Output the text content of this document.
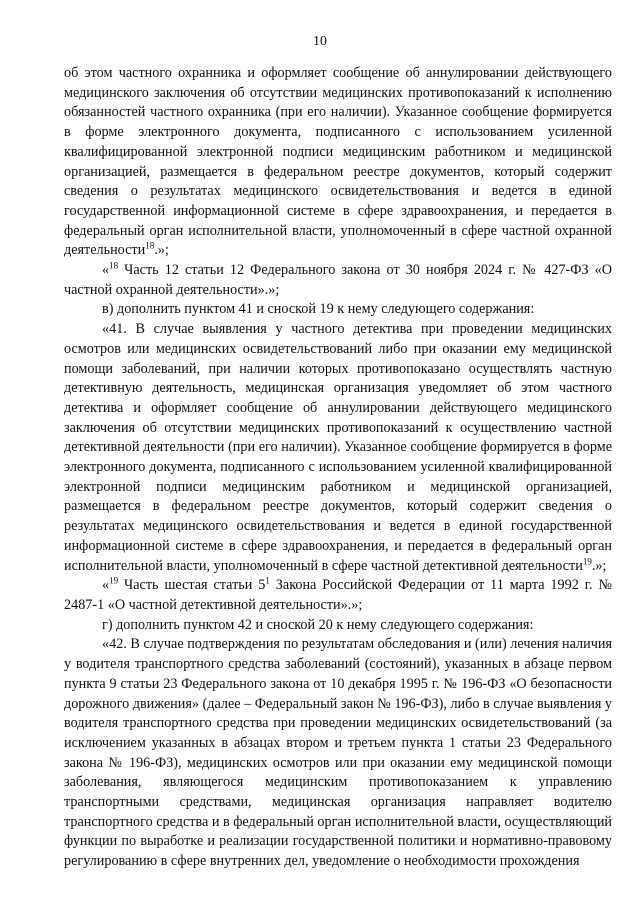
10

об этом частного охранника и оформляет сообщение об аннулировании действующего медицинского заключения об отсутствии медицинских противопоказаний к исполнению обязанностей частного охранника (при его наличии). Указанное сообщение формируется в форме электронного документа, подписанного с использованием усиленной квалифицированной электронной подписи медицинским работником и медицинской организацией, размещается в федеральном реестре документов, который содержит сведения о результатах медицинского освидетельствования и ведется в единой государственной информационной системе в сфере здравоохранения, и передается в федеральный орган исполнительной власти, уполномоченный в сфере частной охранной деятельности$^{18}$.»;

«$^{18}$ Часть 12 статьи 12 Федерального закона от 30 ноября 2024 г. № 427-ФЗ «О частной охранной деятельности».»;

в) дополнить пунктом 41 и сноской 19 к нему следующего содержания:

«41. В случае выявления у частного детектива при проведении медицинских осмотров или медицинских освидетельствований либо при оказании ему медицинской помощи заболеваний, при наличии которых противопоказано осуществлять частную детективную деятельность, медицинская организация уведомляет об этом частного детектива и оформляет сообщение об аннулировании действующего медицинского заключения об отсутствии медицинских противопоказаний к осуществлению частной детективной деятельности (при его наличии). Указанное сообщение формируется в форме электронного документа, подписанного с использованием усиленной квалифицированной электронной подписи медицинским работником и медицинской организацией, размещается в федеральном реестре документов, который содержит сведения о результатах медицинского освидетельствования и ведется в единой государственной информационной системе в сфере здравоохранения, и передается в федеральный орган исполнительной власти, уполномоченный в сфере частной детективной деятельности$^{19}$.»;

«$^{19}$ Часть шестая статьи $5^1$ Закона Российской Федерации от 11 марта 1992 г. № 2487-1 «О частной детективной деятельности».»;

г) дополнить пунктом 42 и сноской 20 к нему следующего содержания:

«42. В случае подтверждения по результатам обследования и (или) лечения наличия у водителя транспортного средства заболеваний (состояний), указанных в абзаце первом пункта 9 статьи 23 Федерального закона от 10 декабря 1995 г. № 196-ФЗ «О безопасности дорожного движения» (далее – Федеральный закон № 196-ФЗ), либо в случае выявления у водителя транспортного средства при проведении медицинских освидетельствований (за исключением указанных в абзацах втором и третьем пункта 1 статьи 23 Федерального закона № 196-ФЗ), медицинских осмотров или при оказании ему медицинской помощи заболевания, являющегося медицинским противопоказанием к управлению транспортными средствами, медицинская организация направляет водителю транспортного средства и в федеральный орган исполнительной власти, осуществляющий функции по выработке и реализации государственной политики и нормативно-правовому регулированию в сфере внутренних дел, уведомление о необходимости прохождения
